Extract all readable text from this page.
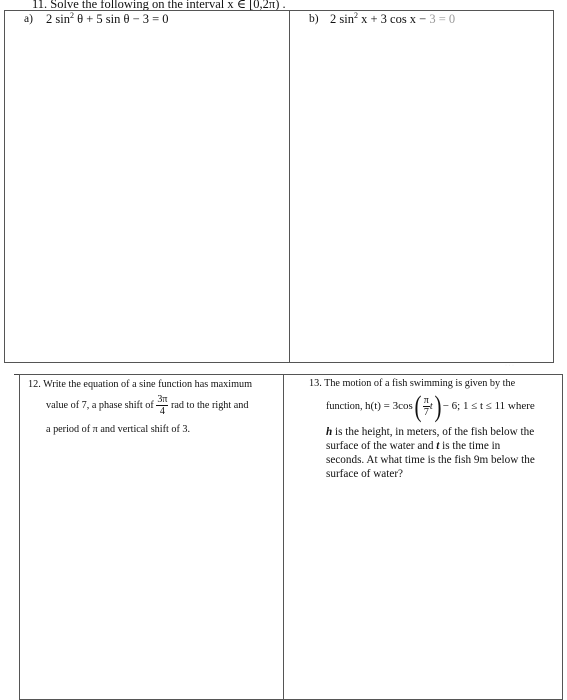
11. Solve the following on the interval x ∈ [0,2π) .
a) 2 $\sin^2 \theta + 5$ sin θ − 3 = 0	b) 2 $\sin^2 x + 3$ cos x − 3 = 0
· · ·
12. Write the equation of a sine function has maximum
value of 7, a phase shift of $\frac{3\pi}{4}$ rad to the right and
a period of π and vertical shift of 3.
13. The motion of a fish swimming is given by the
function, $h(t) = 3\cos( \frac{\pi}{7} t) - 6$; 1 ≤ t ≤ 11 where
h is the height, in meters, of the fish below the
surface of the water and t is the time in
seconds. At what time is the fish 9m below the
surface of water?
